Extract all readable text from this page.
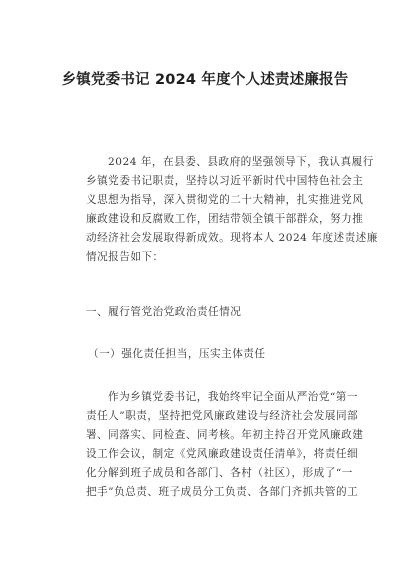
乡镇党委书记 2024 年度个人述责述廉报告
2024 年，在县委、县政府的坚强领导下，我认真履行
乡镇党委书记职责，坚持以习近平新时代中国特色社会主
义思想为指导，深入贯彻党的二十大精神，扎实推进党风
廉政建设和反腐败工作，团结带领全镇干部群众，努力推
动经济社会发展取得新成效。现将本人 2024 年度述责述廉
情况报告如下：
一、履行管党治党政治责任情况
（一）强化责任担当，压实主体责任
作为乡镇党委书记，我始终牢记全面从严治党“第一
责任人”职责，坚持把党风廉政建设与经济社会发展同部
署、同落实、同检查、同考核。年初主持召开党风廉政建
设工作会议，制定《党风廉政建设责任清单》，将责任细
化分解到班子成员和各部门、各村（社区），形成了“一
把手”负总责、班子成员分工负责、各部门齐抓共管的工
